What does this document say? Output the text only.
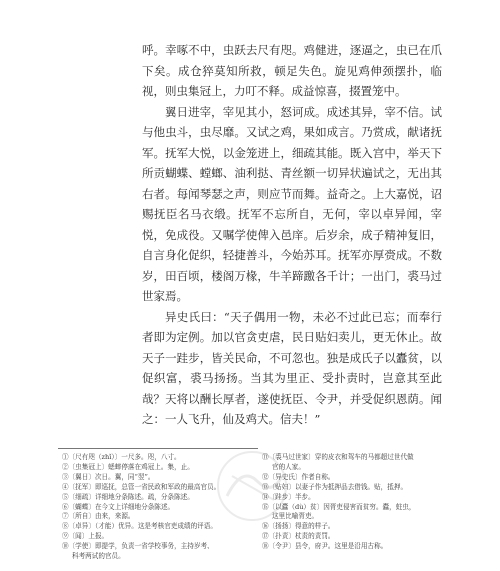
呼。幸啄不中，虫跃去尺有咫。鸡健进，逐逼之，虫已在爪下矣。成仓猝莫知所救，顿足失色。旋见鸡伸颈摆扑，临视，则虫集冠上，力叮不释。成益惊喜，掇置笼中。

翼日进宰，宰见其小，怒诃成。成述其异，宰不信。试与他虫斗，虫尽靡。又试之鸡，果如成言。乃赏成，献诸抚军。抚军大悦，以金笼进上，细疏其能。既入宫中，举天下所贡蝴蝶、螳螂、油利挞、青丝额一切异状遍试之，无出其右者。每闻琴瑟之声，则应节而舞。益奇之。上大嘉悦，诏赐抚臣名马衣缎。抚军不忘所自，无何，宰以卓异闻，宰悦，免成役。又嘱学使俾入邑庠。后岁余，成子精神复旧，自言身化促织，轻捷善斗，今始苏耳。抚军亦厚赍成。不数岁，田百顷，楼阁万椽，牛羊蹄躈各千计；一出门，裘马过世家焉。

异史氏曰：“天子偶用一物，未必不过此已忘；而奉行者即为定例。加以官贪吏虐，民日贴妇卖儿，更无休止。故天子一跬步，皆关民命，不可忽也。独是成氏子以蠹贫，以促织富，裘马扬扬。当其为里正、受扑责时，岂意其至此哉？天将以酬长厚者，遂使抚臣、令尹，并受促织恩荫。闻之：一人飞升，仙及鸡犬。信夫！”

①〔尺有咫（zhǐ）〕一尺多。咫，八寸。
②〔虫集冠上〕蟋蟀停落在鸡冠上。集，止。
③〔翼日〕次日。翼，同“翌”。
④〔抚军〕即巡抚，总管一省民政和军政的最高官员。
⑤〔细疏〕详细地分条陈述。疏，分条陈述。
⑥〔蝴蝶〕在今文上详细地分条陈述。
⑦〔所自〕由来，来源。
⑧〔卓异〕（才能）优异。这是考核官吏成绩的评语。
⑨〔闻〕上报。
⑩〔学使〕即提学，负责一省学校事务，主持岁考、
科考两试的官员。
⑪〔裘马过世家〕穿的皮衣和驾车的马都超过世代做
官的人家。
⑫〔异史氏〕作者自称。
⑬〔贴妇〕以妻子作为抵押品去借钱。贴，抵押。
⑭〔跬步〕半步。
⑮〔以蠹（dù）贫〕因胥吏侵害而贫穷。蠹，蛀虫，
这里比喻胥吏。
⑯〔扬扬〕得意的样子。
⑰〔扑责〕杖责的责罚。
⑱〔令尹〕县令，府尹。这里是沿用古称。
